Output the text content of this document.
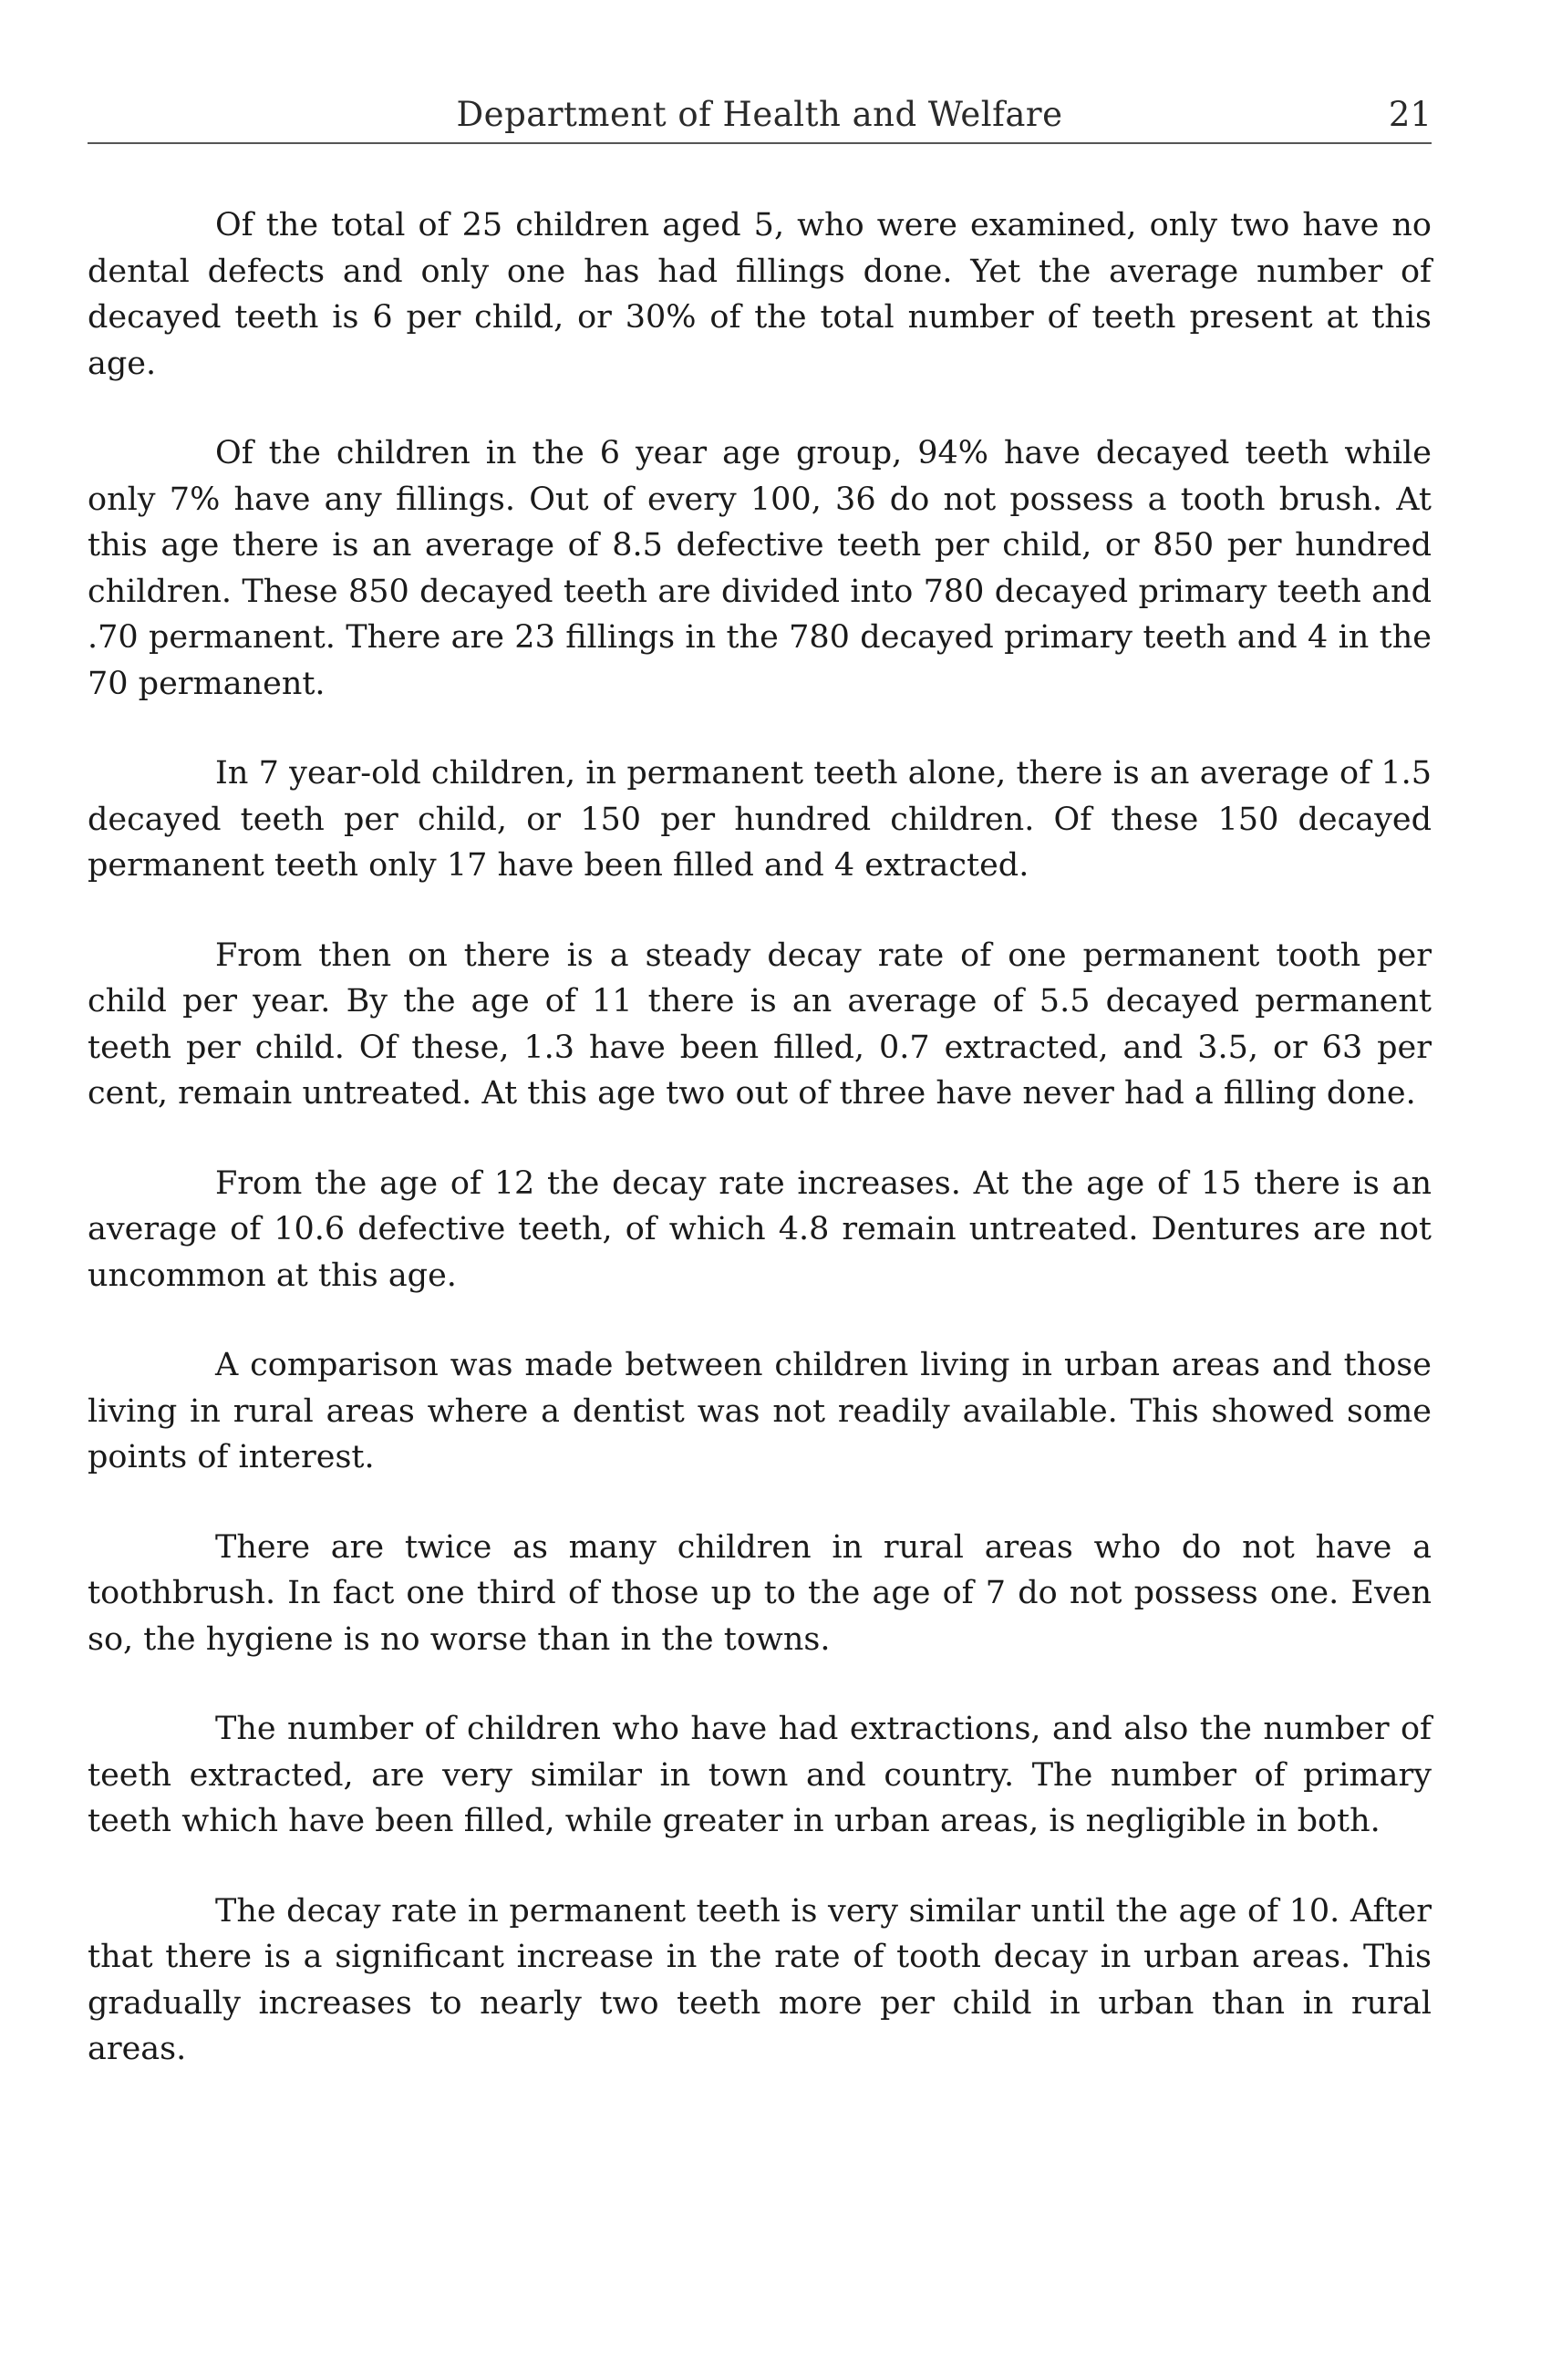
Department of Health and Welfare	21

Of the total of 25 children aged 5, who were examined, only two have no dental defects and only one has had fillings done. Yet the average number of decayed teeth is 6 per child, or 30% of the total number of teeth present at this age.

Of the children in the 6 year age group, 94% have decayed teeth while only 7% have any fillings. Out of every 100, 36 do not possess a tooth brush. At this age there is an average of 8.5 defective teeth per child, or 850 per hundred children. These 850 decayed teeth are divided into 780 decayed primary teeth and .70 permanent. There are 23 fillings in the 780 decayed primary teeth and 4 in the 70 permanent.

In 7 year-old children, in permanent teeth alone, there is an average of 1.5 decayed teeth per child, or 150 per hundred children. Of these 150 decayed permanent teeth only 17 have been filled and 4 extracted.

From then on there is a steady decay rate of one permanent tooth per child per year. By the age of 11 there is an average of 5.5 decayed permanent teeth per child. Of these, 1.3 have been filled, 0.7 extracted, and 3.5, or 63 per cent, remain untreated. At this age two out of three have never had a filling done.

From the age of 12 the decay rate increases. At the age of 15 there is an average of 10.6 defective teeth, of which 4.8 remain untreated. Dentures are not uncommon at this age.

A comparison was made between children living in urban areas and those living in rural areas where a dentist was not readily available. This showed some points of interest.

There are twice as many children in rural areas who do not have a toothbrush. In fact one third of those up to the age of 7 do not possess one. Even so, the hygiene is no worse than in the towns.

The number of children who have had extractions, and also the number of teeth extracted, are very similar in town and country. The number of primary teeth which have been filled, while greater in urban areas, is negligible in both.

The decay rate in permanent teeth is very similar until the age of 10. After that there is a significant increase in the rate of tooth decay in urban areas. This gradually increases to nearly two teeth more per child in urban than in rural areas.
